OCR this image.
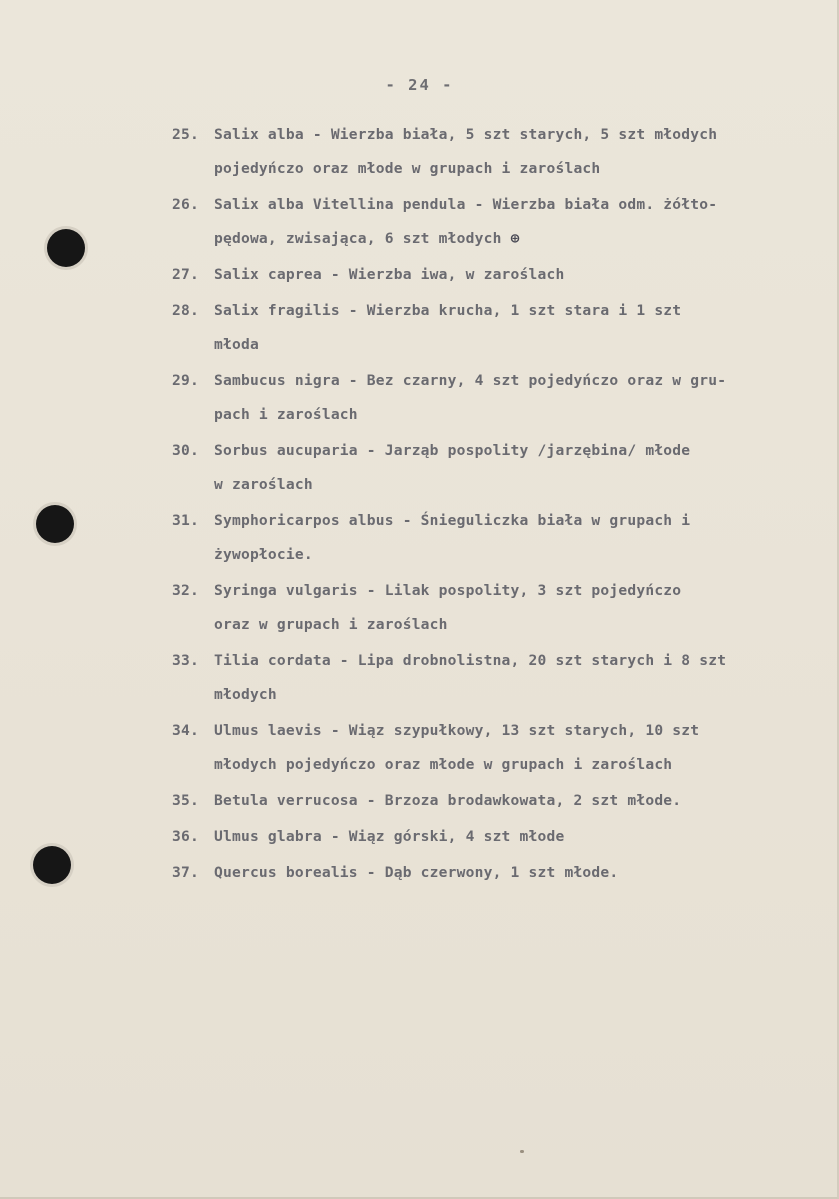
- 24 -
25. Salix alba - Wierzba biała, 5 szt starych, 5 szt młodych
pojedyńczo oraz młode w grupach i zaroślach
26. Salix alba Vitellina pendula - Wierzba biała odm. żółto-
pędowa, zwisająca, 6 szt młodych ⊕
27. Salix caprea - Wierzba iwa, w zaroślach
28. Salix fragilis - Wierzba krucha, 1 szt stara i 1 szt
młoda
29. Sambucus nigra - Bez czarny, 4 szt pojedyńczo oraz w gru-
pach i zaroślach
30. Sorbus aucuparia - Jarząb pospolity /jarzębina/ młode
w zaroślach
31. Symphoricarpos albus - Śnieguliczka biała w grupach i
żywopłocie.
32. Syringa vulgaris - Lilak pospolity, 3 szt pojedyńczo
oraz w grupach i zaroślach
33. Tilia cordata - Lipa drobnolistna, 20 szt starych i 8 szt
młodych
34. Ulmus laevis - Wiąz szypułkowy, 13 szt starych, 10 szt
młodych pojedyńczo oraz młode w grupach i zaroślach
35. Betula verrucosa - Brzoza brodawkowata, 2 szt młode.
36. Ulmus glabra - Wiąz górski, 4 szt młode
37. Quercus borealis - Dąb czerwony, 1 szt młode.
